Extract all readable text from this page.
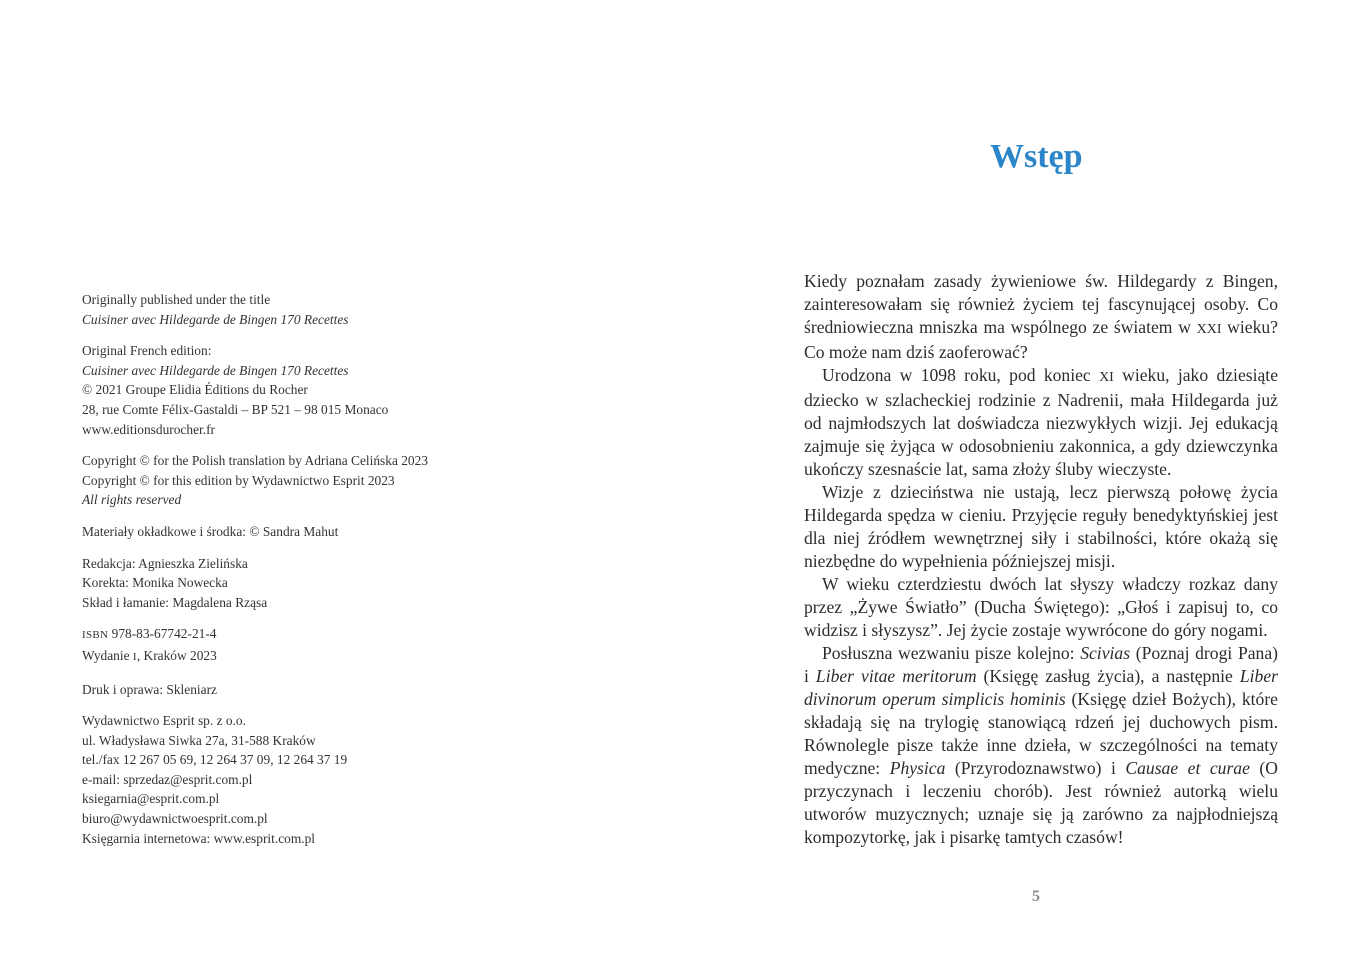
Originally published under the title
Cuisiner avec Hildegarde de Bingen 170 Recettes
Original French edition:
Cuisiner avec Hildegarde de Bingen 170 Recettes
© 2021 Groupe Elidia Éditions du Rocher
28, rue Comte Félix-Gastaldi – BP 521 – 98 015 Monaco
www.editionsdurocher.fr
Copyright © for the Polish translation by Adriana Celińska 2023
Copyright © for this edition by Wydawnictwo Esprit 2023
All rights reserved
Materiały okładkowe i środka: © Sandra Mahut
Redakcja: Agnieszka Zielińska
Korekta: Monika Nowecka
Skład i łamanie: Magdalena Rząsa
ISBN 978-83-67742-21-4
Wydanie I, Kraków 2023
Druk i oprawa: Skleniarz
Wydawnictwo Esprit sp. z o.o.
ul. Władysława Siwka 27a, 31-588 Kraków
tel./fax 12 267 05 69, 12 264 37 09, 12 264 37 19
e-mail: sprzedaz@esprit.com.pl
ksiegarnia@esprit.com.pl
biuro@wydawnictwoesprit.com.pl
Księgarnia internetowa: www.esprit.com.pl
Wstęp

Kiedy poznałam zasady żywieniowe św. Hildegardy z Bingen, zainteresowałam się również życiem tej fascynującej osoby. Co średniowieczna mniszka ma wspólnego ze światem w XXI wieku? Co może nam dziś zaoferować?

Urodzona w 1098 roku, pod koniec XI wieku, jako dziesiąte dziecko w szlacheckiej rodzinie z Nadrenii, mała Hildegarda już od najmłodszych lat doświadcza niezwykłych wizji. Jej edukacją zajmuje się żyjąca w odosobnieniu zakonnica, a gdy dziewczynka ukończy szesnaście lat, sama złoży śluby wieczyste.

Wizje z dzieciństwa nie ustają, lecz pierwszą połowę życia Hildegarda spędza w cieniu. Przyjęcie reguły benedyktyńskiej jest dla niej źródłem wewnętrznej siły i stabilności, które okażą się niezbędne do wypełnienia późniejszej misji.

W wieku czterdziestu dwóch lat słyszy władczy rozkaz dany przez „Żywe Światło” (Ducha Świętego): „Głoś i zapisuj to, co widzisz i słyszysz”. Jej życie zostaje wywrócone do góry nogami.

Posłuszna wezwaniu pisze kolejno: Scivias (Poznaj drogi Pana) i Liber vitae meritorum (Księgę zasług życia), a następnie Liber divinorum operum simplicis hominis (Księgę dzieł Bożych), które składają się na trylogię stanowiącą rdzeń jej duchowych pism. Równolegle pisze także inne dzieła, w szczególności na tematy medyczne: Physica (Przyrodoznawstwo) i Causae et curae (O przyczynach i leczeniu chorób). Jest również autorką wielu utworów muzycznych; uznaje się ją zarówno za najpłodniejszą kompozytorkę, jak i pisarkę tamtych czasów!

5
